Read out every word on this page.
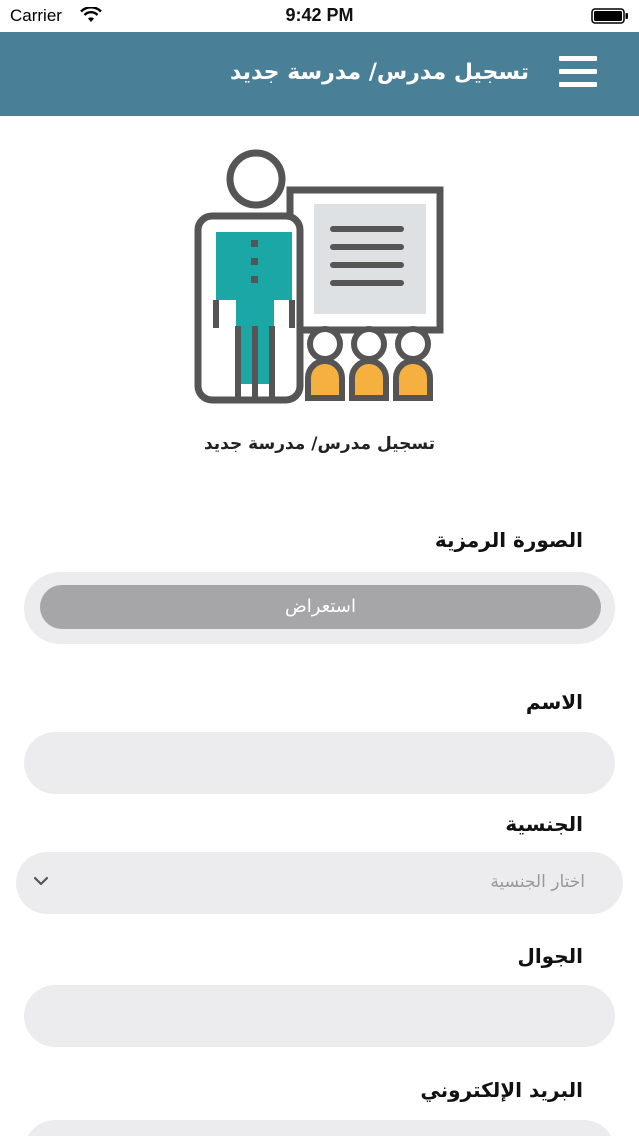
Carrier	9:42 PM
تسجيل مدرس/ مدرسة جديد
تسجيل مدرس/ مدرسة جديد
الصورة الرمزية
استعراض
الاسم
الجنسية
اختار الجنسية
الجوال
البريد الإلكتروني
